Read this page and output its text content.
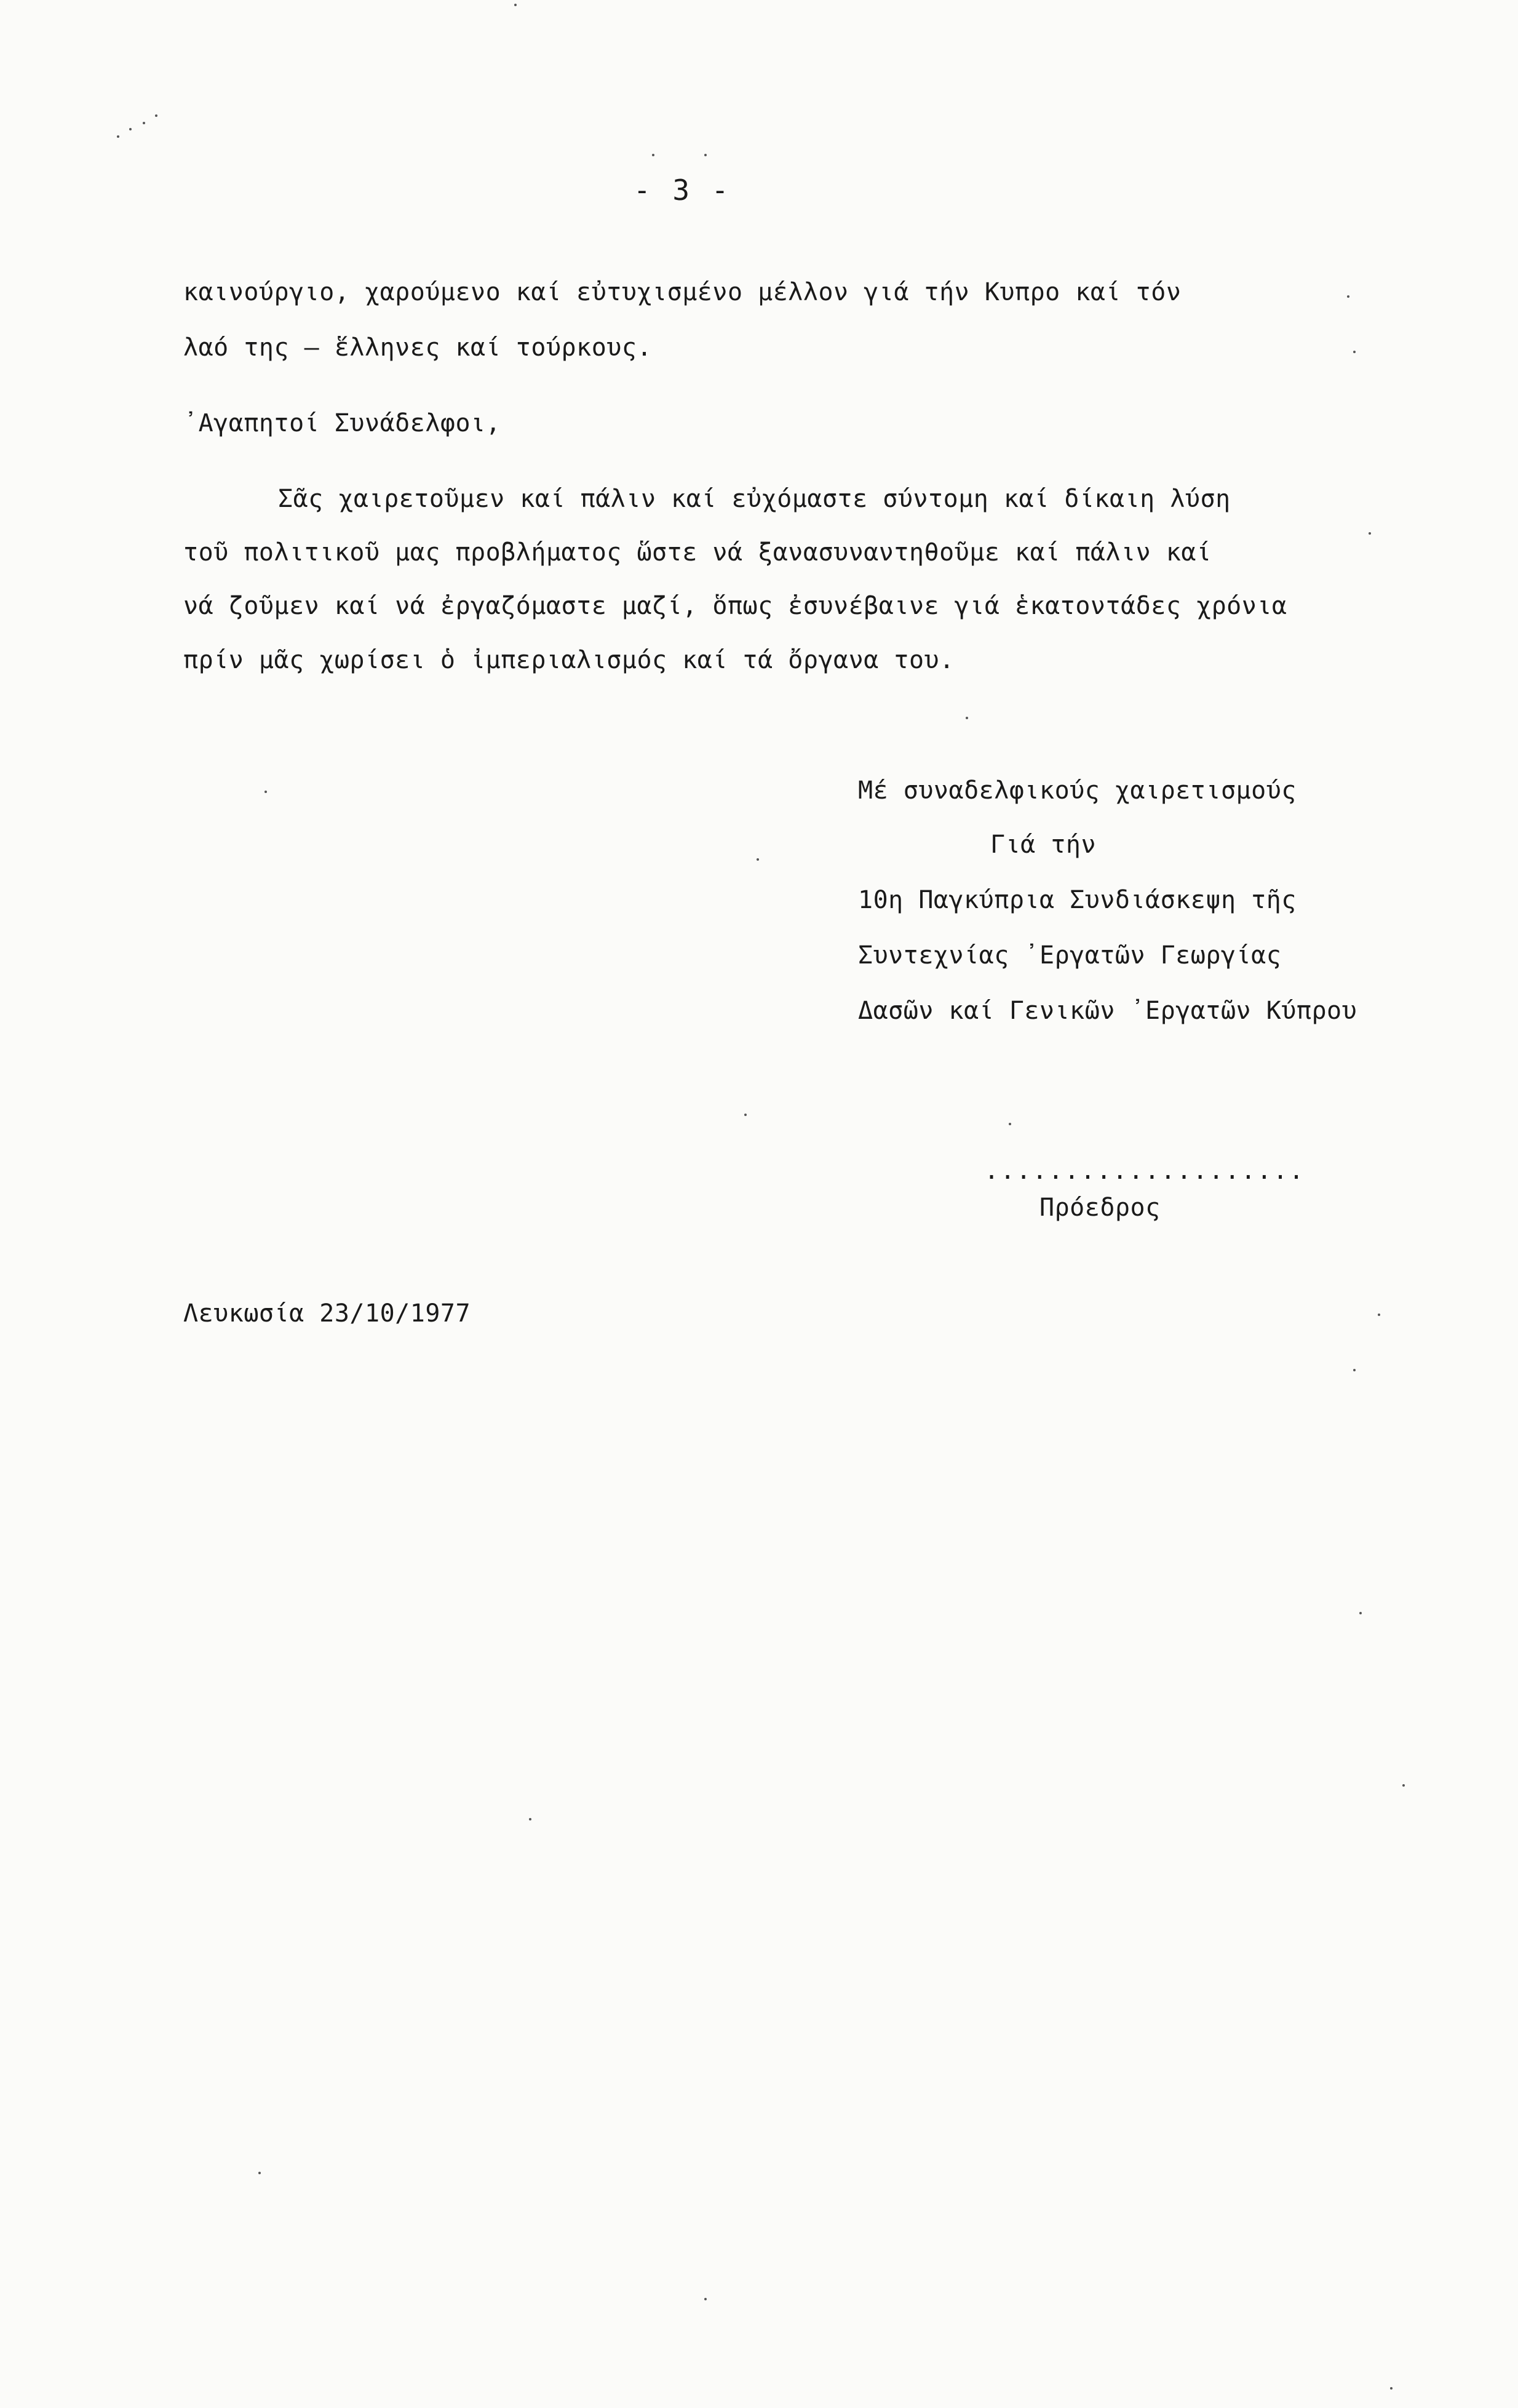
- 3 -
καινούργιο, χαρούμενο καί εὐτυχισμένο μέλλον γιά τήν Κυπρο καί τόν
λαό της – ἕλληνες καί τούρκους.
᾿Αγαπητοί Συνάδελφοι,
Σᾶς χαιρετοῦμεν καί πάλιν καί εὐχόμαστε σύντομη καί δίκαιη λύση
τοῦ πολιτικοῦ μας προβλήματος ὥστε νά ξανασυναντηθοῦμε καί πάλιν καί
νά ζοῦμεν καί νά ἐργαζόμαστε μαζί, ὅπως ἐσυνέβαινε γιά ἑκατοντάδες χρόνια
πρίν μᾶς χωρίσει ὁ ἰμπεριαλισμός καί τά ὄργανα του.
Μέ συναδελφικούς χαιρετισμούς
Γιά τήν
10η Παγκύπρια Συνδιάσκεψη τῆς
Συντεχνίας ᾿Εργατῶν Γεωργίας
Δασῶν καί Γενικῶν ᾿Εργατῶν Κύπρου
....................
Πρόεδρος
Λευκωσία 23/10/1977
